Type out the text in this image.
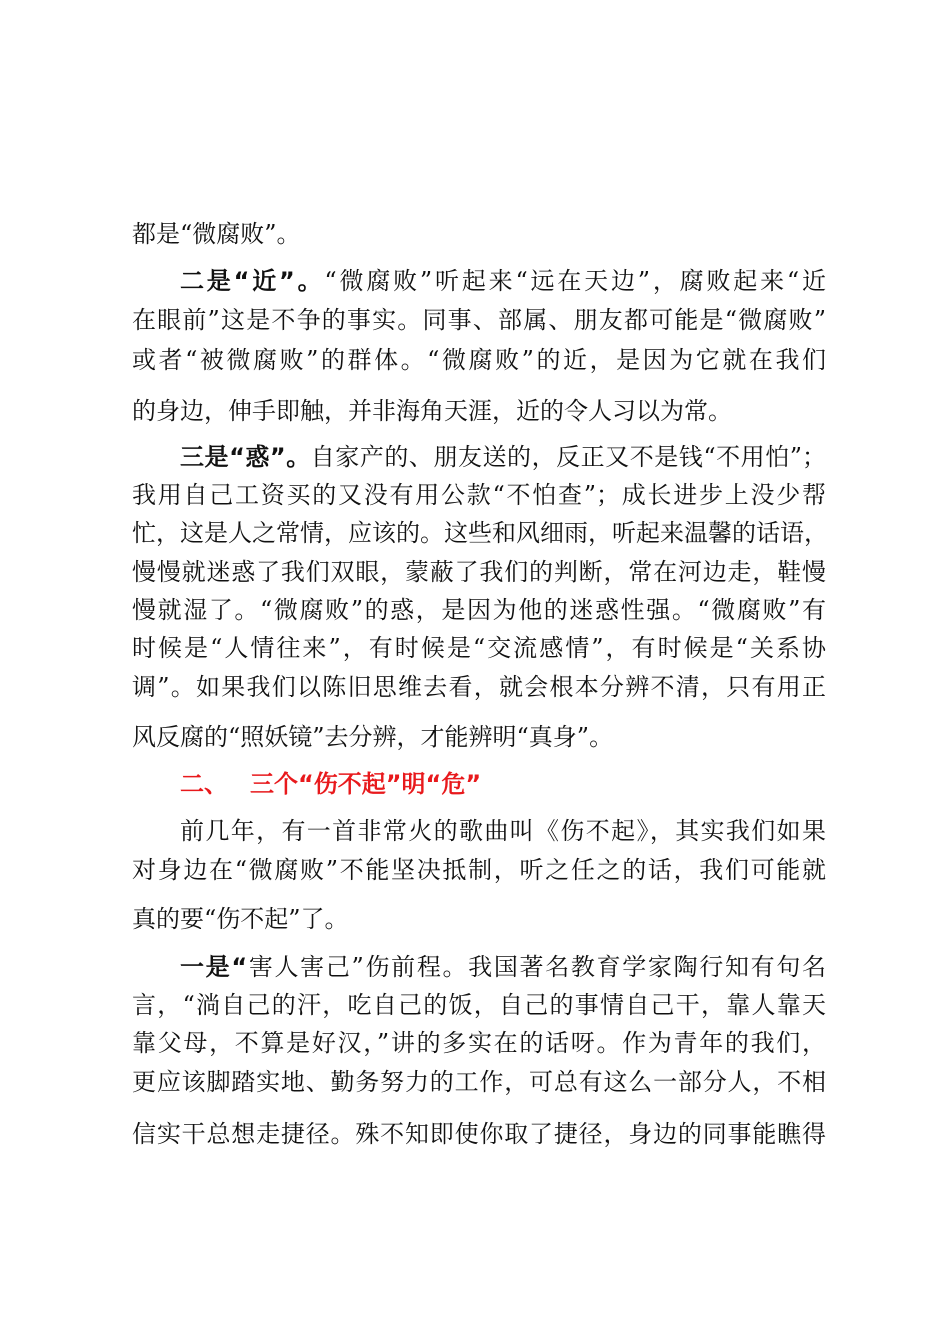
都是“微腐败”。
二是“近”。“微腐败”听起来“远在天边”，腐败起来“近
在眼前”这是不争的事实。同事、部属、朋友都可能是“微腐败”
或者“被微腐败”的群体。“微腐败”的近，是因为它就在我们
的身边，伸手即触，并非海角天涯，近的令人习以为常。
三是“惑”。自家产的、朋友送的，反正又不是钱“不用怕”；
我用自己工资买的又没有用公款“不怕查”；成长进步上没少帮
忙，这是人之常情，应该的。这些和风细雨，听起来温馨的话语，
慢慢就迷惑了我们双眼，蒙蔽了我们的判断，常在河边走，鞋慢
慢就湿了。“微腐败”的惑，是因为他的迷惑性强。“微腐败”有
时候是“人情往来”，有时候是“交流感情”，有时候是“关系协
调”。如果我们以陈旧思维去看，就会根本分辨不清，只有用正
风反腐的“照妖镜”去分辨，才能辨明“真身”。
二、 三个“伤不起”明“危”
前几年，有一首非常火的歌曲叫《伤不起》，其实我们如果
对身边在“微腐败”不能坚决抵制，听之任之的话，我们可能就
真的要“伤不起”了。
一是“害人害己”伤前程。我国著名教育学家陶行知有句名
言，“淌自己的汗，吃自己的饭，自己的事情自己干，靠人靠天
靠父母，不算是好汉，”讲的多实在的话呀。作为青年的我们，
更应该脚踏实地、勤务努力的工作，可总有这么一部分人，不相
信实干总想走捷径。殊不知即使你取了捷径，身边的同事能瞧得
